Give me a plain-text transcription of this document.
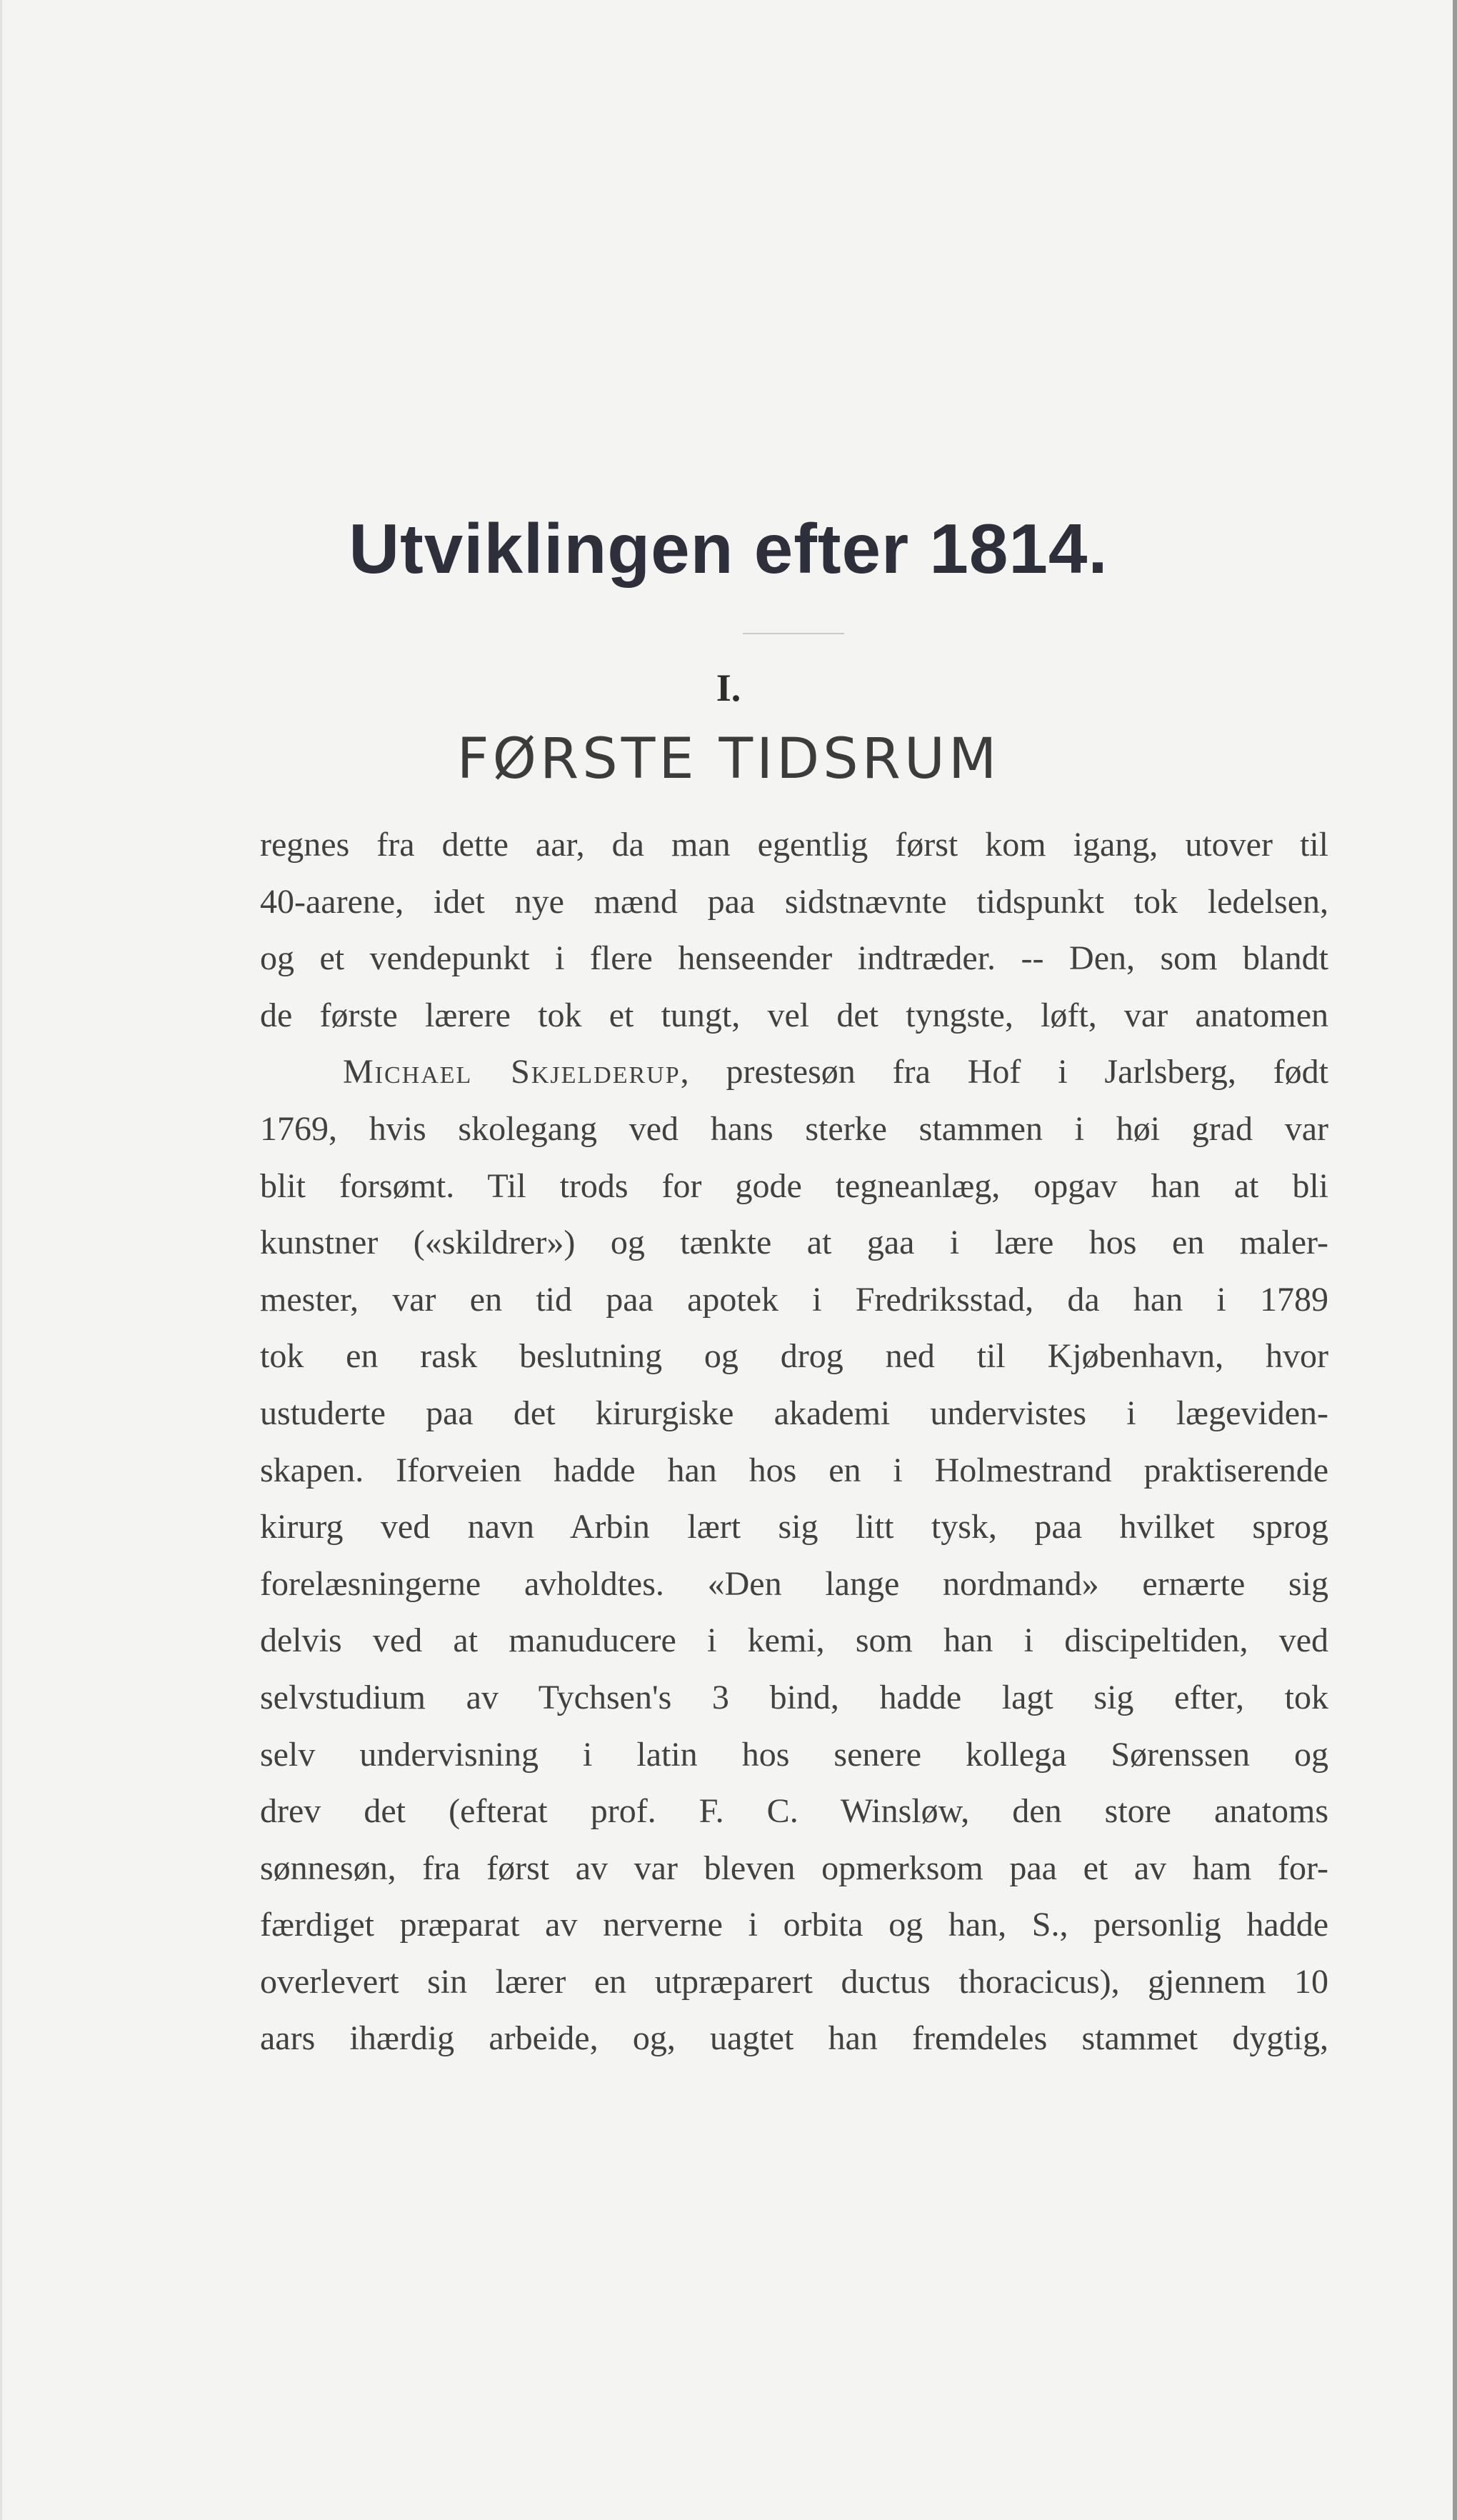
Utviklingen efter 1814.
I.
FØRSTE TIDSRUM
regnes fra dette aar, da man egentlig først kom igang, utover til
40-aarene, idet nye mænd paa sidstnævnte tidspunkt tok ledelsen,
og et vendepunkt i flere henseender indtræder. -- Den, som blandt
de første lærere tok et tungt, vel det tyngste, løft, var anatomen
Michael Skjelderup, prestesøn fra Hof i Jarlsberg, født
1769, hvis skolegang ved hans sterke stammen i høi grad var
blit forsømt. Til trods for gode tegneanlæg, opgav han at bli
kunstner («skildrer») og tænkte at gaa i lære hos en maler-
mester, var en tid paa apotek i Fredriksstad, da han i 1789
tok en rask beslutning og drog ned til Kjøbenhavn, hvor
ustuderte paa det kirurgiske akademi undervistes i lægeviden-
skapen. Iforveien hadde han hos en i Holmestrand praktiserende
kirurg ved navn Arbin lært sig litt tysk, paa hvilket sprog
forelæsningerne avholdtes. «Den lange nordmand» ernærte sig
delvis ved at manuducere i kemi, som han i discipeltiden, ved
selvstudium av Tychsen's 3 bind, hadde lagt sig efter, tok
selv undervisning i latin hos senere kollega Sørenssen og
drev det (efterat prof. F. C. Winsløw, den store anatoms
sønnesøn, fra først av var bleven opmerksom paa et av ham for-
færdiget præparat av nerverne i orbita og han, S., personlig hadde
overlevert sin lærer en utpræparert ductus thoracicus), gjennem 10
aars ihærdig arbeide, og, uagtet han fremdeles stammet dygtig,
